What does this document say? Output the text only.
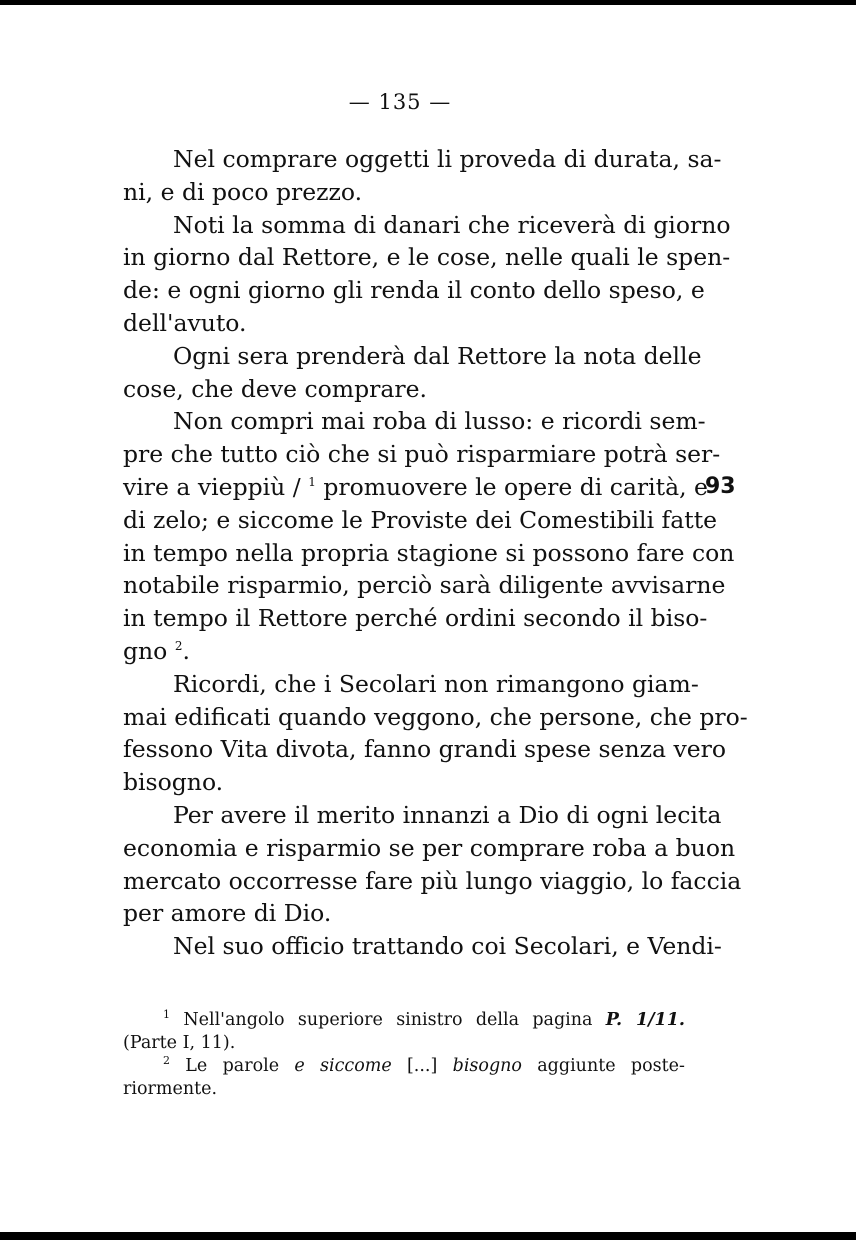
— 135 —
Nel comprare oggetti li proveda di durata, sa-
ni, e di poco prezzo.
Noti la somma di danari che riceverà di giorno
in giorno dal Rettore, e le cose, nelle quali le spen-
de: e ogni giorno gli renda il conto dello speso, e
dell'avuto.
Ogni sera prenderà dal Rettore la nota delle
cose, che deve comprare.
Non compri mai roba di lusso: e ricordi sem-
pre che tutto ciò che si può risparmiare potrà ser-
vire a vieppiù / $^1$ promuovere le opere di carità, e
di zelo; e siccome le Proviste dei Comestibili fatte
in tempo nella propria stagione si possono fare con
notabile risparmio, perciò sarà diligente avvisarne
in tempo il Rettore perché ordini secondo il biso-
gno $^2$.
Ricordi, che i Secolari non rimangono giam-
mai edificati quando veggono, che persone, che pro-
fessono Vita divota, fanno grandi spese senza vero
bisogno.
Per avere il merito innanzi a Dio di ogni lecita
economia e risparmio se per comprare roba a buon
mercato occorresse fare più lungo viaggio, lo faccia
per amore di Dio.
Nel suo officio trattando coi Secolari, e Vendi-
93
$^1$ Nell'angolo superiore sinistro della pagina P. 1/11.
(Parte I, 11).
$^2$ Le parole e siccome [...] bisogno aggiunte poste-
riormente.
